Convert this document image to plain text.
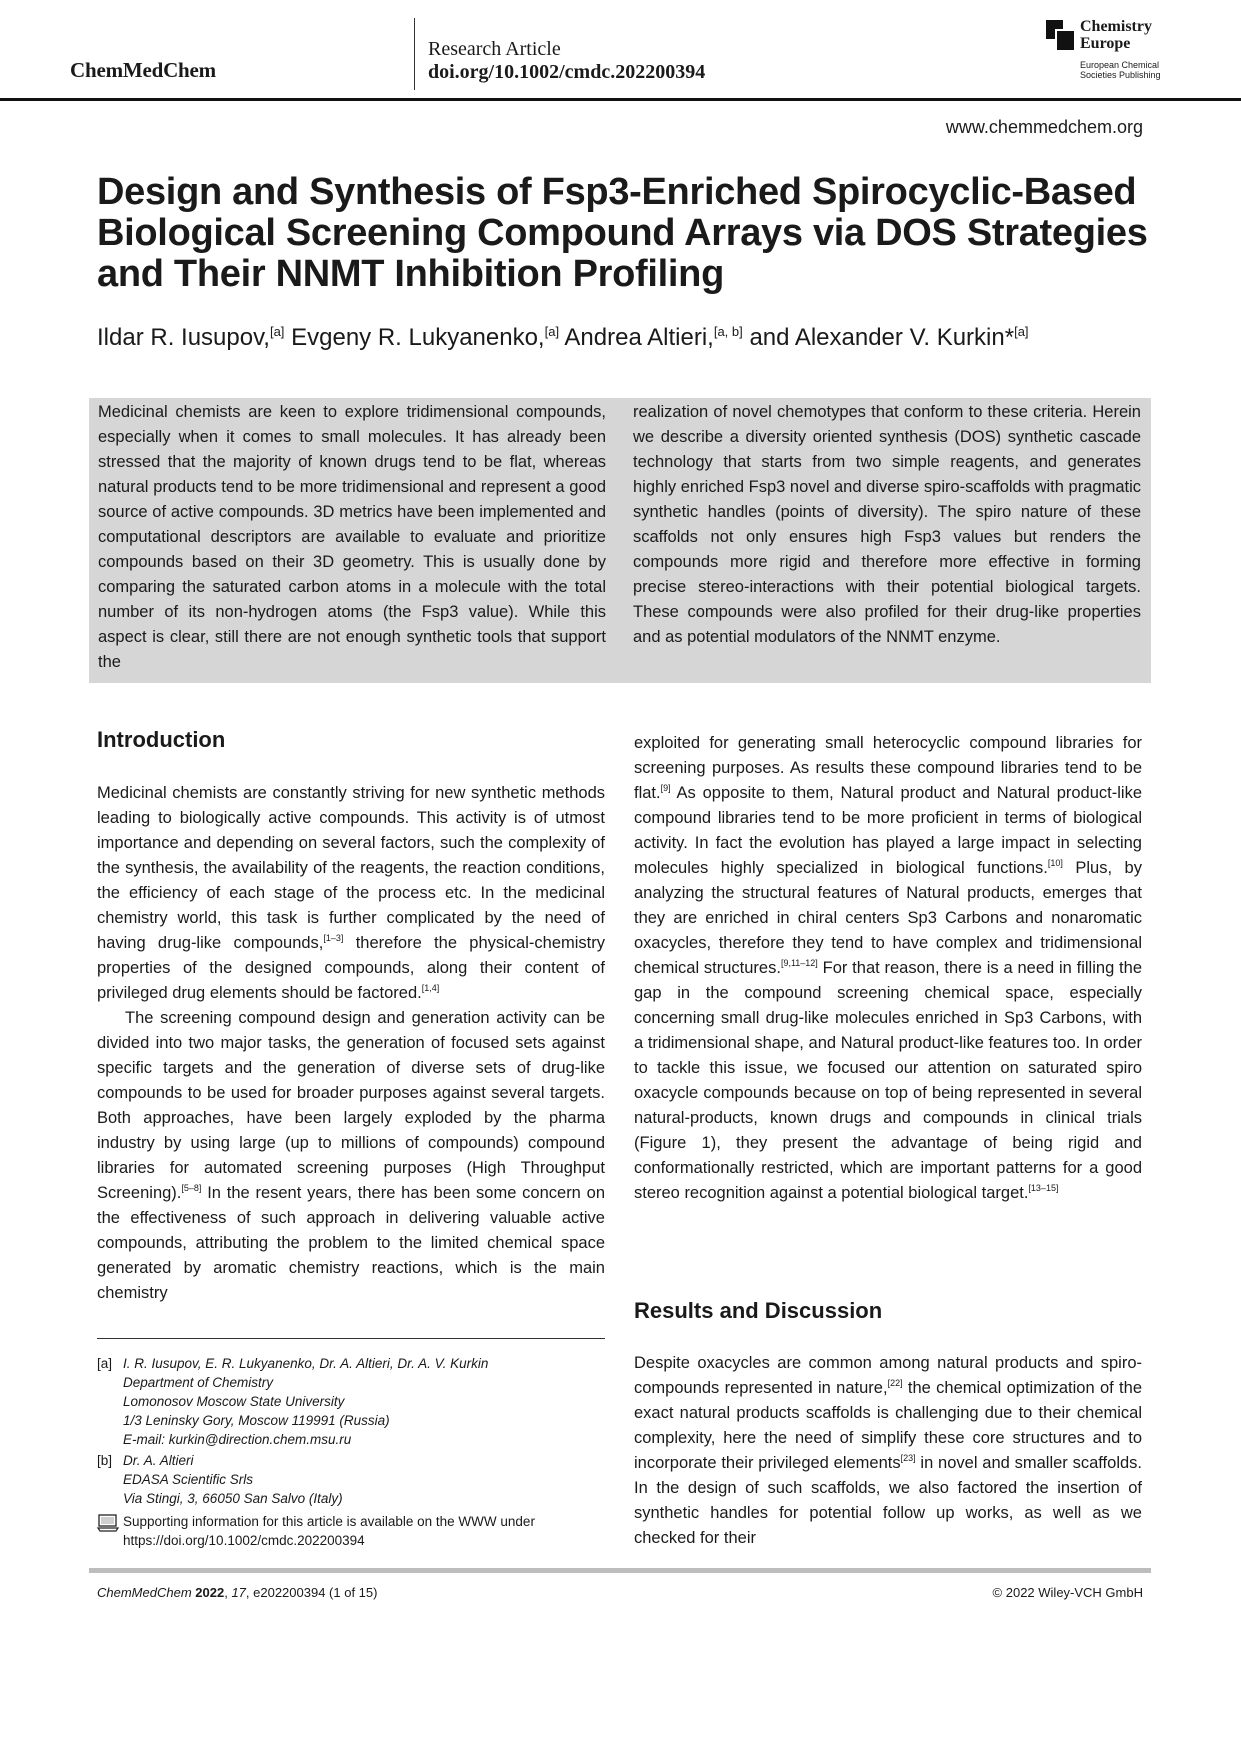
ChemMedChem
Research Article
doi.org/10.1002/cmdc.202200394
Chemistry
Europe
European Chemical
Societies Publishing
www.chemmedchem.org
Design and Synthesis of Fsp3-Enriched Spirocyclic-Based Biological Screening Compound Arrays via DOS Strategies and Their NNMT Inhibition Profiling
Ildar R. Iusupov,[a] Evgeny R. Lukyanenko,[a] Andrea Altieri,[a, b] and Alexander V. Kurkin*[a]
Medicinal chemists are keen to explore tridimensional compounds, especially when it comes to small molecules. It has already been stressed that the majority of known drugs tend to be flat, whereas natural products tend to be more tridimensional and represent a good source of active compounds. 3D metrics have been implemented and computational descriptors are available to evaluate and prioritize compounds based on their 3D geometry. This is usually done by comparing the saturated carbon atoms in a molecule with the total number of its non-hydrogen atoms (the Fsp3 value). While this aspect is clear, still there are not enough synthetic tools that support the
realization of novel chemotypes that conform to these criteria. Herein we describe a diversity oriented synthesis (DOS) synthetic cascade technology that starts from two simple reagents, and generates highly enriched Fsp3 novel and diverse spiro-scaffolds with pragmatic synthetic handles (points of diversity). The spiro nature of these scaffolds not only ensures high Fsp3 values but renders the compounds more rigid and therefore more effective in forming precise stereo-interactions with their potential biological targets. These compounds were also profiled for their drug-like properties and as potential modulators of the NNMT enzyme.
Introduction

Medicinal chemists are constantly striving for new synthetic methods leading to biologically active compounds. This activity is of utmost importance and depending on several factors, such the complexity of the synthesis, the availability of the reagents, the reaction conditions, the efficiency of each stage of the process etc. In the medicinal chemistry world, this task is further complicated by the need of having drug-like compounds,[1–3] therefore the physical-chemistry properties of the designed compounds, along their content of privileged drug elements should be factored.[1,4]

The screening compound design and generation activity can be divided into two major tasks, the generation of focused sets against specific targets and the generation of diverse sets of drug-like compounds to be used for broader purposes against several targets. Both approaches, have been largely exploded by the pharma industry by using large (up to millions of compounds) compound libraries for automated screening purposes (High Throughput Screening).[5–8] In the resent years, there has been some concern on the effectiveness of such approach in delivering valuable active compounds, attributing the problem to the limited chemical space generated by aromatic chemistry reactions, which is the main chemistry

exploited for generating small heterocyclic compound libraries for screening purposes. As results these compound libraries tend to be flat.[9] As opposite to them, Natural product and Natural product-like compound libraries tend to be more proficient in terms of biological activity. In fact the evolution has played a large impact in selecting molecules highly specialized in biological functions.[10] Plus, by analyzing the structural features of Natural products, emerges that they are enriched in chiral centers Sp3 Carbons and nonaromatic oxacycles, therefore they tend to have complex and tridimensional chemical structures.[9,11–12] For that reason, there is a need in filling the gap in the compound screening chemical space, especially concerning small drug-like molecules enriched in Sp3 Carbons, with a tridimensional shape, and Natural product-like features too. In order to tackle this issue, we focused our attention on saturated spiro oxacycle compounds because on top of being represented in several natural-products, known drugs and compounds in clinical trials (Figure 1), they present the advantage of being rigid and conformationally restricted, which are important patterns for a good stereo recognition against a potential biological target.[13–15]

Results and Discussion

Despite oxacycles are common among natural products and spiro-compounds represented in nature,[22] the chemical optimization of the exact natural products scaffolds is challenging due to their chemical complexity, here the need of simplify these core structures and to incorporate their privileged elements[23] in novel and smaller scaffolds. In the design of such scaffolds, we also factored the insertion of synthetic handles for potential follow up works, as well as we checked for their

[a] I. R. Iusupov, E. R. Lukyanenko, Dr. A. Altieri, Dr. A. V. Kurkin
Department of Chemistry
Lomonosov Moscow State University
1/3 Leninsky Gory, Moscow 119991 (Russia)
E-mail: kurkin@direction.chem.msu.ru
[b] Dr. A. Altieri
EDASA Scientific Srls
Via Stingi, 3, 66050 San Salvo (Italy)
Supporting information for this article is available on the WWW under https://doi.org/10.1002/cmdc.202200394
ChemMedChem 2022, 17, e202200394 (1 of 15)	© 2022 Wiley-VCH GmbH
